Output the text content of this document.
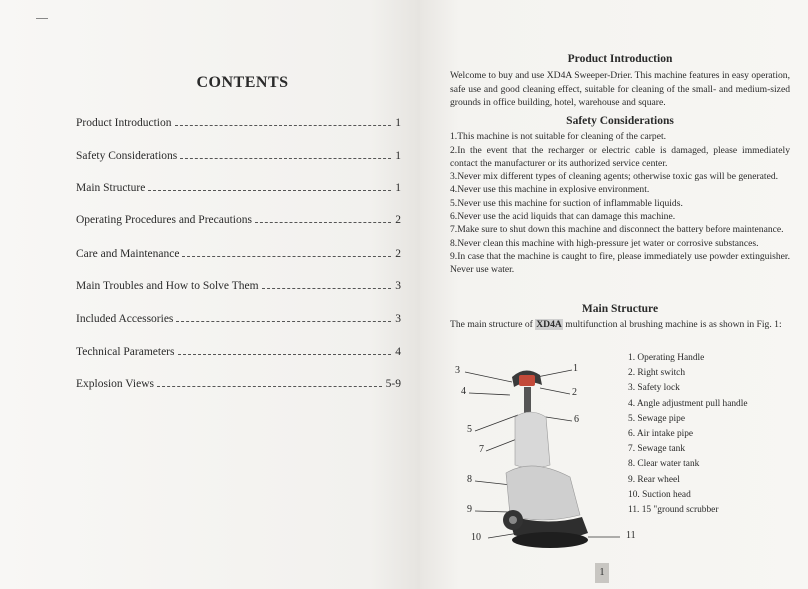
CONTENTS
Product Introduction	1
Safety Considerations	1
Main Structure	1
Operating Procedures and Precautions	2
Care and Maintenance	2
Main Troubles and How to Solve Them	3
Included Accessories	3
Technical Parameters	4
Explosion Views	5-9
Product Introduction

Welcome to buy and use XD4A Sweeper-Drier. This machine features in easy operation, safe use and good cleaning effect, suitable for cleaning of the small- and medium-sized grounds in office building, hotel, warehouse and square.

Safety Considerations

1.This machine is not suitable for cleaning of the carpet.

2.In the event that the recharger or electric cable is damaged, please immediately contact the manufacturer or its authorized service center.

3.Never mix different types of cleaning agents; otherwise toxic gas will be generated.

4.Never use this machine in explosive environment.

5.Never use this machine for suction of inflammable liquids.

6.Never use the acid liquids that can damage this machine.

7.Make sure to shut down this machine and disconnect the battery before maintenance.

8.Never clean this machine with high-pressure jet water or corrosive substances.

9.In case that the machine is caught to fire, please immediately use powder extinguisher. Never use water.

Main Structure

The main structure of XD4A multifunction al brushing machine is as shown in Fig. 1:

3	1
4	2
5
6
7
8
9
10	11
1. Operating Handle
2. Right switch
3. Safety lock
4. Angle adjustment pull handle
5. Sewage pipe
6. Air intake pipe
7. Sewage tank
8. Clear water tank
9. Rear wheel
10. Suction head
11. 15 "ground scrubber
1
